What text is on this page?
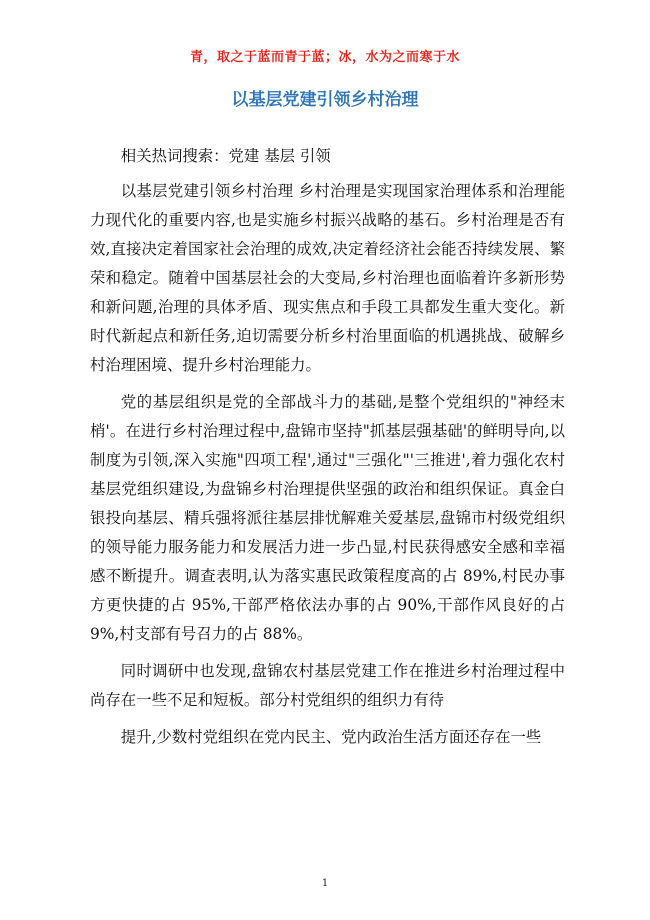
青，取之于蓝而青于蓝；冰，水为之而寒于水
以基层党建引领乡村治理

相关热词搜索：党建 基层 引领

以基层党建引领乡村治理 乡村治理是实现国家治理体系和治理能力现代化的重要内容,也是实施乡村振兴战略的基石。乡村治理是否有效,直接决定着国家社会治理的成效,决定着经济社会能否持续发展、繁荣和稳定。随着中国基层社会的大变局,乡村治理也面临着许多新形势和新问题,治理的具体矛盾、现实焦点和手段工具都发生重大变化。新时代新起点和新任务,迫切需要分析乡村治里面临的机遇挑战、破解乡村治理困境、提升乡村治理能力。

党的基层组织是党的全部战斗力的基础,是整个党组织的"神经末梢'。在进行乡村治理过程中,盘锦市坚持"抓基层强基础'的鲜明导向,以制度为引领,深入实施"四项工程',通过"三强化"'三推进',着力强化农村基层党组织建设,为盘锦乡村治理提供坚强的政治和组织保证。真金白银投向基层、精兵强将派往基层排忧解难关爱基层,盘锦市村级党组织的领导能力服务能力和发展活力进一步凸显,村民获得感安全感和幸福感不断提升。调查表明,认为落实惠民政策程度高的占 89%,村民办事方更快捷的占 95%,干部严格依法办事的占 90%,干部作风良好的占 9%,村支部有号召力的占 88%。

同时调研中也发现,盘锦农村基层党建工作在推进乡村治理过程中尚存在一些不足和短板。部分村党组织的组织力有待

提升,少数村党组织在党内民主、党内政治生活方面还存在一些

1
